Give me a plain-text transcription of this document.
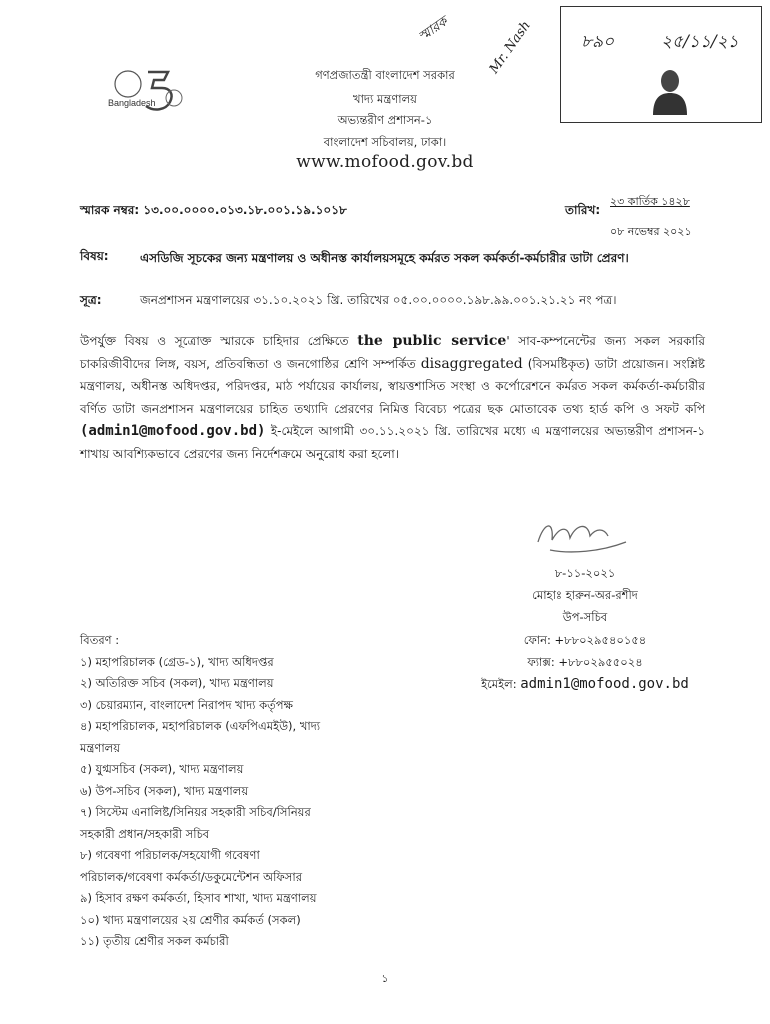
Bangladesh
গণপ্রজাতন্ত্রী বাংলাদেশ সরকার
খাদ্য মন্ত্রণালয়
অভ্যন্তরীণ প্রশাসন-১
বাংলাদেশ সচিবালয়, ঢাকা।
www.mofood.gov.bd
স্মারক	Mr. Nash	৮৯০	২৫/১১/২১
স্মারক নম্বর: ১৩.০০.০০০০.০১৩.১৮.০০১.১৯.১০১৮	তারিখ:
২৩ কার্তিক ১৪২৮
০৮ নভেম্বর ২০২১
বিষয়:	এসডিজি সূচকের জন্য মন্ত্রণালয় ও অধীনস্ত কার্যালয়সমূহে কর্মরত সকল কর্মকর্তা-কর্মচারীর ডাটা প্রেরণ।
সূত্র:	জনপ্রশাসন মন্ত্রণালয়ের ৩১.১০.২০২১ খ্রি. তারিখের ০৫.০০.০০০০.১৯৮.৯৯.০০১.২১.২১ নং পত্র।
উপর্যুক্ত বিষয় ও সূত্রোক্ত স্মারকে চাহিদার প্রেক্ষিতে the public service' সাব-কম্পনেন্টের জন্য সকল সরকারি চাকরিজীবীদের লিঙ্গ, বয়স, প্রতিবন্ধিতা ও জনগোষ্ঠির শ্রেণি সম্পর্কিত disaggregated (বিসমষ্টিকৃত) ডাটা প্রয়োজন। সংশ্লিষ্ট মন্ত্রণালয়, অধীনস্ত অধিদপ্তর, পরিদপ্তর, মাঠ পর্যায়ের কার্যালয়, স্বায়ত্তশাসিত সংস্থা ও কর্পোরেশনে কর্মরত সকল কর্মকর্তা-কর্মচারীর বর্ণিত ডাটা জনপ্রশাসন মন্ত্রণালয়ের চাহিত তথ্যাদি প্রেরণের নিমিত্ত বিবেচ্য পত্রের ছক মোতাবেক তথ্য হার্ড কপি ও সফট কপি (admin1@mofood.gov.bd) ই-মেইলে আগামী ৩০.১১.২০২১ খ্রি. তারিখের মধ্যে এ মন্ত্রণালয়ের অভ্যন্তরীণ প্রশাসন-১ শাখায় আবশ্যিকভাবে প্রেরণের জন্য নির্দেশক্রমে অনুরোধ করা হলো।
৮-১১-২০২১
মোহাঃ হারুন-অর-রশীদ
উপ-সচিব
ফোন: +৮৮০২৯৫৪০১৫৪
ফ্যাক্স: +৮৮০২৯৫৫০২৪
ইমেইল: admin1@mofood.gov.bd
বিতরণ :
১) মহাপরিচালক (গ্রেড-১), খাদ্য অধিদপ্তর
২) অতিরিক্ত সচিব (সকল), খাদ্য মন্ত্রণালয়
৩) চেয়ারম্যান, বাংলাদেশ নিরাপদ খাদ্য কর্তৃপক্ষ
৪) মহাপরিচালক, মহাপরিচালক (এফপিএমইউ), খাদ্য
মন্ত্রণালয়
৫) যুগ্মসচিব (সকল), খাদ্য মন্ত্রণালয়
৬) উপ-সচিব (সকল), খাদ্য মন্ত্রণালয়
৭) সিস্টেম এনালিষ্ট/সিনিয়র সহকারী সচিব/সিনিয়র
সহকারী প্রধান/সহকারী সচিব
৮) গবেষণা পরিচালক/সহযোগী গবেষণা
পরিচালক/গবেষণা কর্মকর্তা/ডকুমেন্টেশন অফিসার
৯) হিসাব রক্ষণ কর্মকর্তা, হিসাব শাখা, খাদ্য মন্ত্রণালয়
১০) খাদ্য মন্ত্রণালয়ের ২য় শ্রেণীর কর্মকর্ত (সকল)
১১) তৃতীয় শ্রেণীর সকল কর্মচারী
১
